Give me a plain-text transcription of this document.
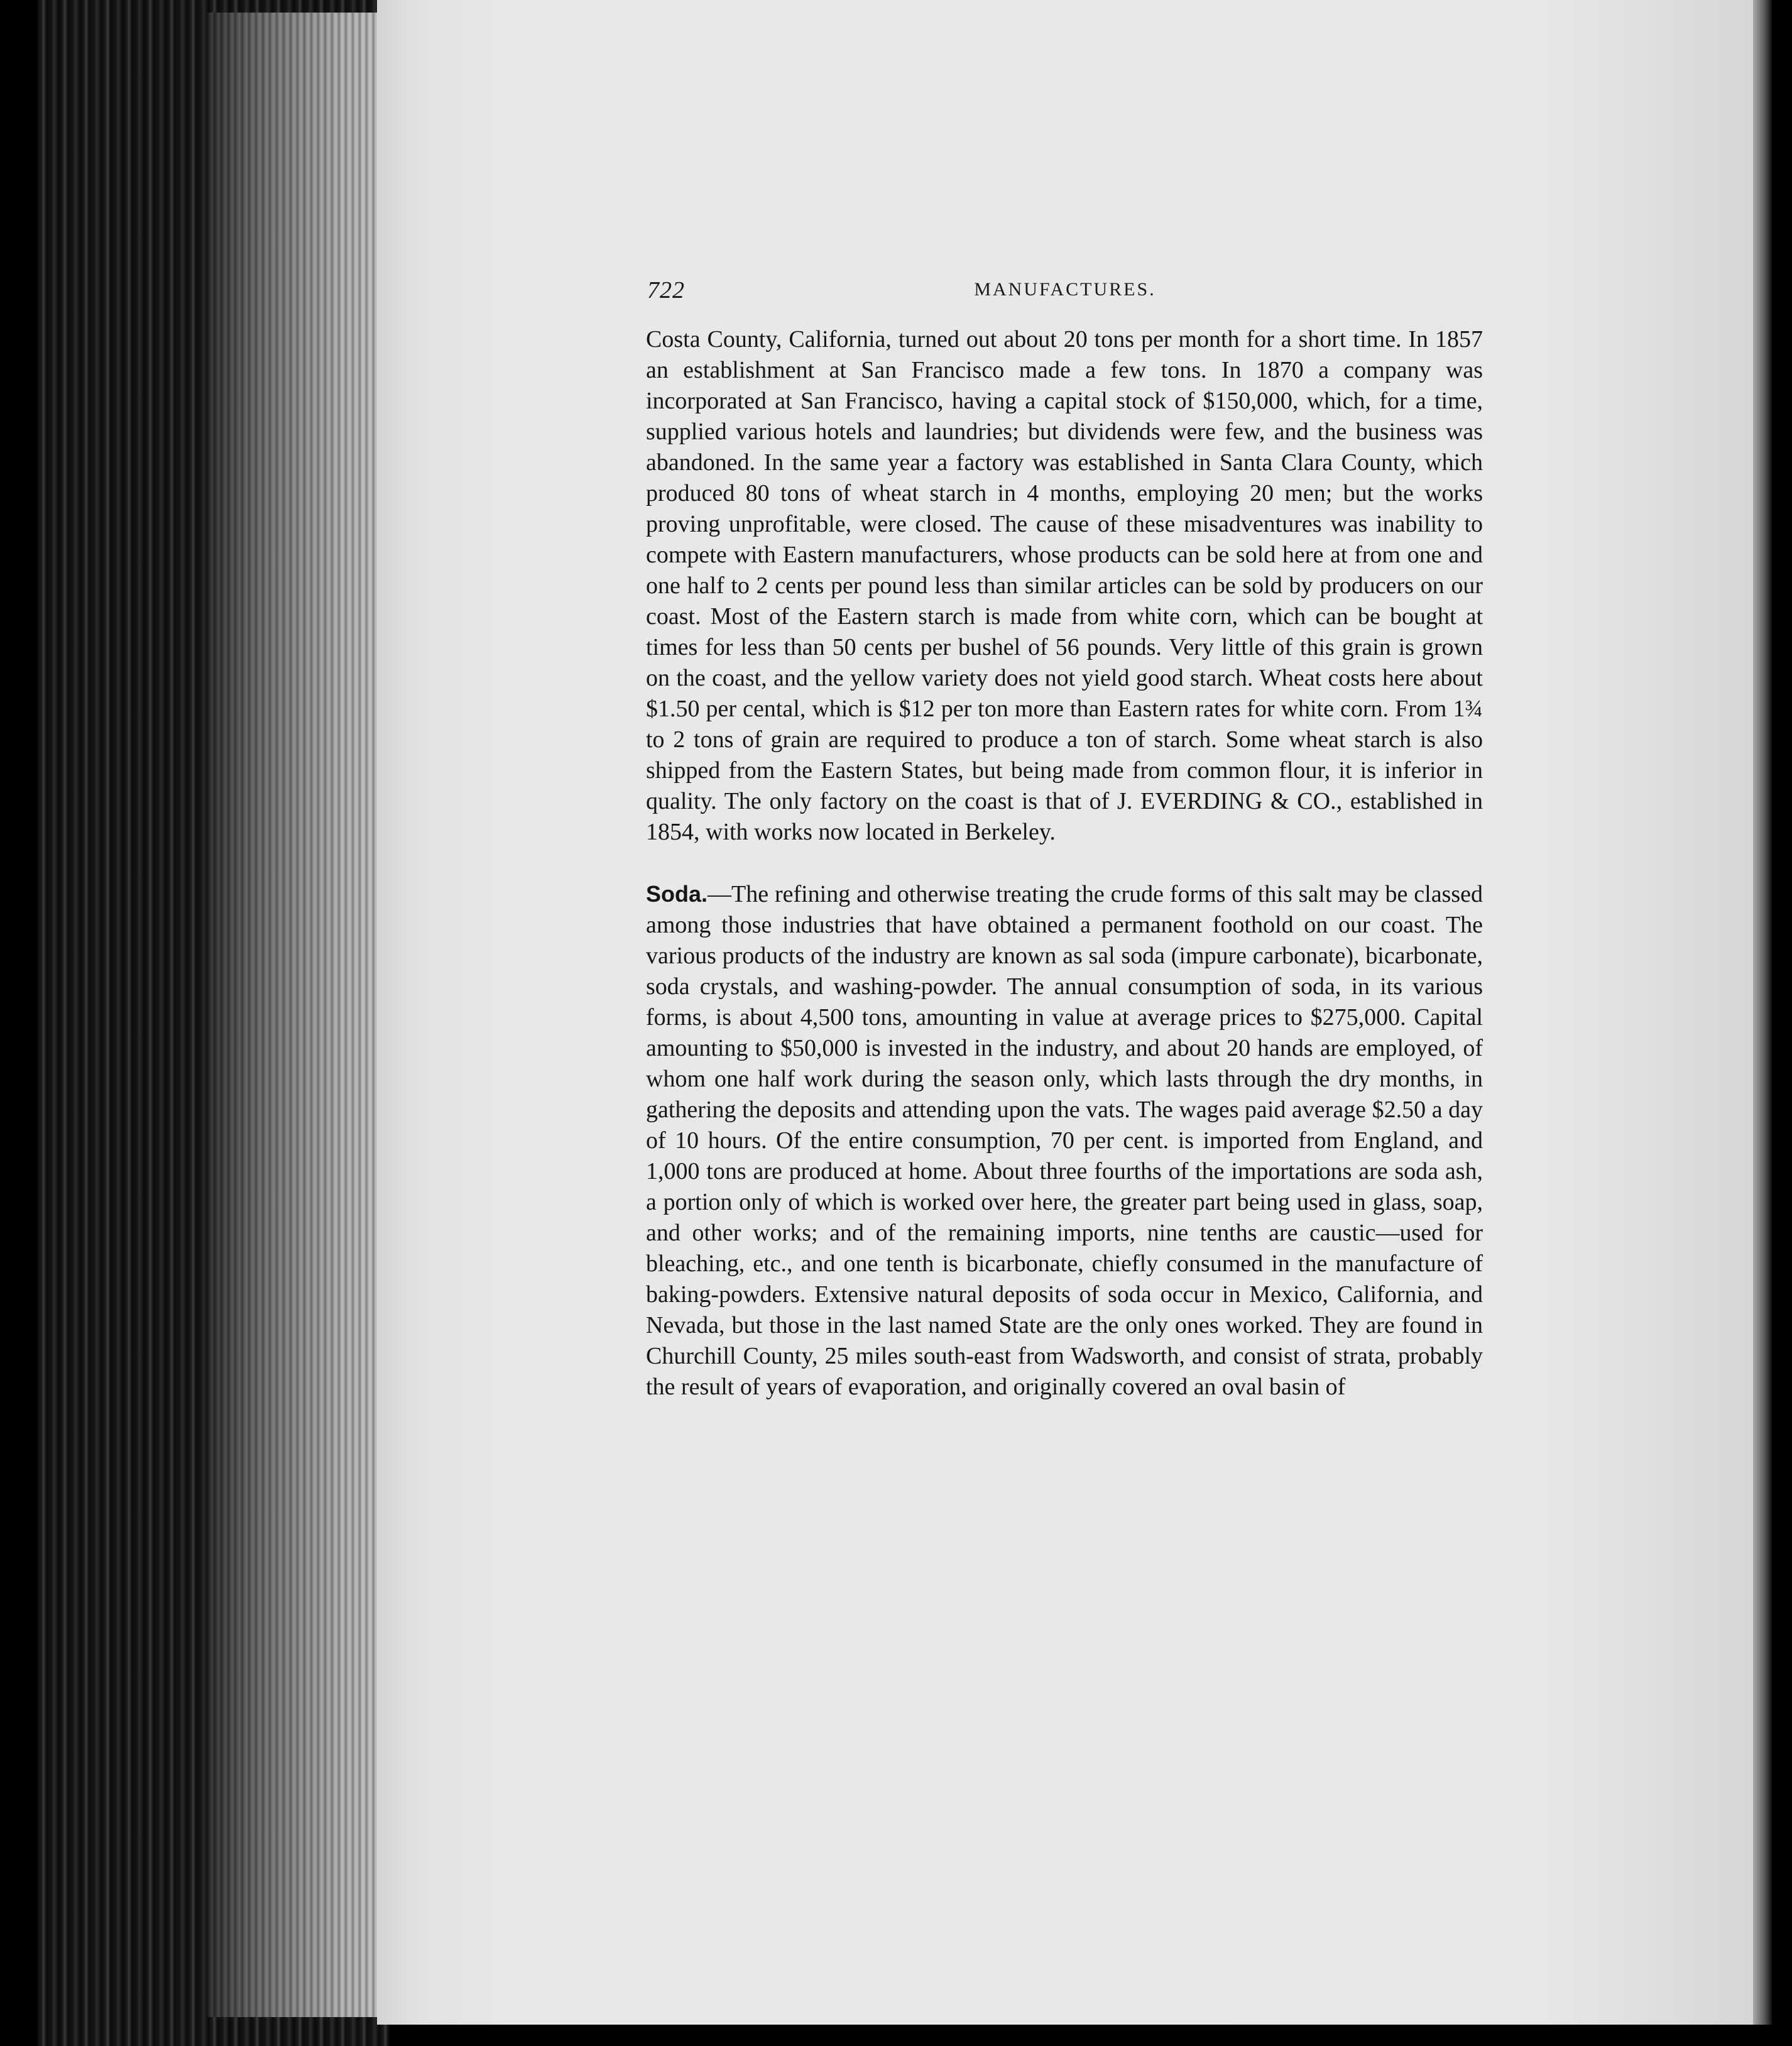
722	MANUFACTURES.

Costa County, California, turned out about 20 tons per month for a short time. In 1857 an establishment at San Francisco made a few tons. In 1870 a company was incorporated at San Francisco, having a capital stock of $150,000, which, for a time, supplied various hotels and laundries; but dividends were few, and the business was abandoned. In the same year a factory was established in Santa Clara County, which produced 80 tons of wheat starch in 4 months, employing 20 men; but the works proving unprofitable, were closed. The cause of these misadventures was inability to compete with Eastern manufacturers, whose products can be sold here at from one and one half to 2 cents per pound less than similar articles can be sold by producers on our coast. Most of the Eastern starch is made from white corn, which can be bought at times for less than 50 cents per bushel of 56 pounds. Very little of this grain is grown on the coast, and the yellow variety does not yield good starch. Wheat costs here about $1.50 per cental, which is $12 per ton more than Eastern rates for white corn. From 1¾ to 2 tons of grain are required to produce a ton of starch. Some wheat starch is also shipped from the Eastern States, but being made from common flour, it is inferior in quality. The only factory on the coast is that of J. EVERDING & CO., established in 1854, with works now located in Berkeley.

Soda.—The refining and otherwise treating the crude forms of this salt may be classed among those industries that have obtained a permanent foothold on our coast. The various products of the industry are known as sal soda (impure carbonate), bicarbonate, soda crystals, and washing-powder. The annual consumption of soda, in its various forms, is about 4,500 tons, amounting in value at average prices to $275,000. Capital amounting to $50,000 is invested in the industry, and about 20 hands are employed, of whom one half work during the season only, which lasts through the dry months, in gathering the deposits and attending upon the vats. The wages paid average $2.50 a day of 10 hours. Of the entire consumption, 70 per cent. is imported from England, and 1,000 tons are produced at home. About three fourths of the importations are soda ash, a portion only of which is worked over here, the greater part being used in glass, soap, and other works; and of the remaining imports, nine tenths are caustic—used for bleaching, etc., and one tenth is bicarbonate, chiefly consumed in the manufacture of baking-powders. Extensive natural deposits of soda occur in Mexico, California, and Nevada, but those in the last named State are the only ones worked. They are found in Churchill County, 25 miles south-east from Wadsworth, and consist of strata, probably the result of years of evaporation, and originally covered an oval basin of
